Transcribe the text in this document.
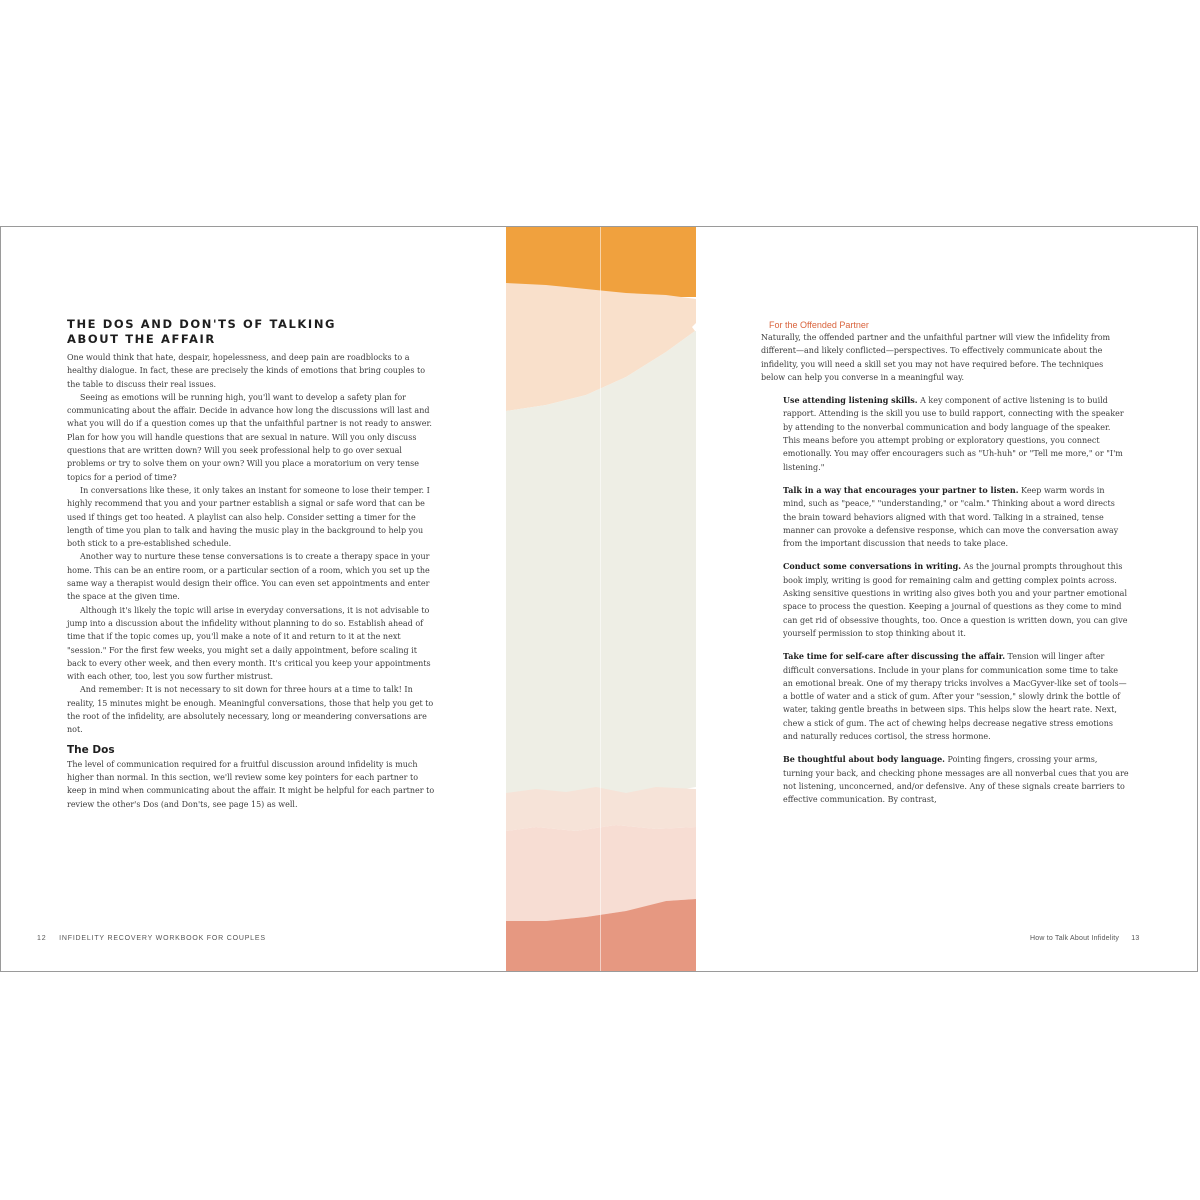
THE DOS AND DON'TS OF TALKING
ABOUT THE AFFAIR

One would think that hate, despair, hopelessness, and deep pain are roadblocks to a healthy dialogue. In fact, these are precisely the kinds of emotions that bring couples to the table to discuss their real issues.

Seeing as emotions will be running high, you'll want to develop a safety plan for communicating about the affair. Decide in advance how long the discussions will last and what you will do if a question comes up that the unfaithful partner is not ready to answer. Plan for how you will handle questions that are sexual in nature. Will you only discuss questions that are written down? Will you seek professional help to go over sexual problems or try to solve them on your own? Will you place a moratorium on very tense topics for a period of time?

In conversations like these, it only takes an instant for someone to lose their temper. I highly recommend that you and your partner establish a signal or safe word that can be used if things get too heated. A playlist can also help. Consider setting a timer for the length of time you plan to talk and having the music play in the background to help you both stick to a pre-established schedule.

Another way to nurture these tense conversations is to create a therapy space in your home. This can be an entire room, or a particular section of a room, which you set up the same way a therapist would design their office. You can even set appointments and enter the space at the given time.

Although it's likely the topic will arise in everyday conversations, it is not advisable to jump into a discussion about the infidelity without planning to do so. Establish ahead of time that if the topic comes up, you'll make a note of it and return to it at the next "session." For the first few weeks, you might set a daily appointment, before scaling it back to every other week, and then every month. It's critical you keep your appointments with each other, too, lest you sow further mistrust.

And remember: It is not necessary to sit down for three hours at a time to talk! In reality, 15 minutes might be enough. Meaningful conversations, those that help you get to the root of the infidelity, are absolutely necessary, long or meandering conversations are not.

The Dos

The level of communication required for a fruitful discussion around infidelity is much higher than normal. In this section, we'll review some key pointers for each partner to keep in mind when communicating about the affair. It might be helpful for each partner to review the other's Dos (and Don'ts, see page 15) as well.

For the Offended Partner

Naturally, the offended partner and the unfaithful partner will view the infidelity from different—and likely conflicted—perspectives. To effectively communicate about the infidelity, you will need a skill set you may not have required before. The techniques below can help you converse in a meaningful way.

Use attending listening skills. A key component of active listening is to build rapport. Attending is the skill you use to build rapport, connecting with the speaker by attending to the nonverbal communication and body language of the speaker. This means before you attempt probing or exploratory questions, you connect emotionally. You may offer encouragers such as "Uh-huh" or "Tell me more," or "I'm listening."
Talk in a way that encourages your partner to listen. Keep warm words in mind, such as "peace," "understanding," or "calm." Thinking about a word directs the brain toward behaviors aligned with that word. Talking in a strained, tense manner can provoke a defensive response, which can move the conversation away from the important discussion that needs to take place.
Conduct some conversations in writing. As the journal prompts throughout this book imply, writing is good for remaining calm and getting complex points across. Asking sensitive questions in writing also gives both you and your partner emotional space to process the question. Keeping a journal of questions as they come to mind can get rid of obsessive thoughts, too. Once a question is written down, you can give yourself permission to stop thinking about it.
Take time for self-care after discussing the affair. Tension will linger after difficult conversations. Include in your plans for communication some time to take an emotional break. One of my therapy tricks involves a MacGyver-like set of tools—a bottle of water and a stick of gum. After your "session," slowly drink the bottle of water, taking gentle breaths in between sips. This helps slow the heart rate. Next, chew a stick of gum. The act of chewing helps decrease negative stress emotions and naturally reduces cortisol, the stress hormone.
Be thoughtful about body language. Pointing fingers, crossing your arms, turning your back, and checking phone messages are all nonverbal cues that you are not listening, unconcerned, and/or defensive. Any of these signals create barriers to effective communication. By contrast,
12 INFIDELITY RECOVERY WORKBOOK FOR COUPLES	How to Talk About Infidelity 13
